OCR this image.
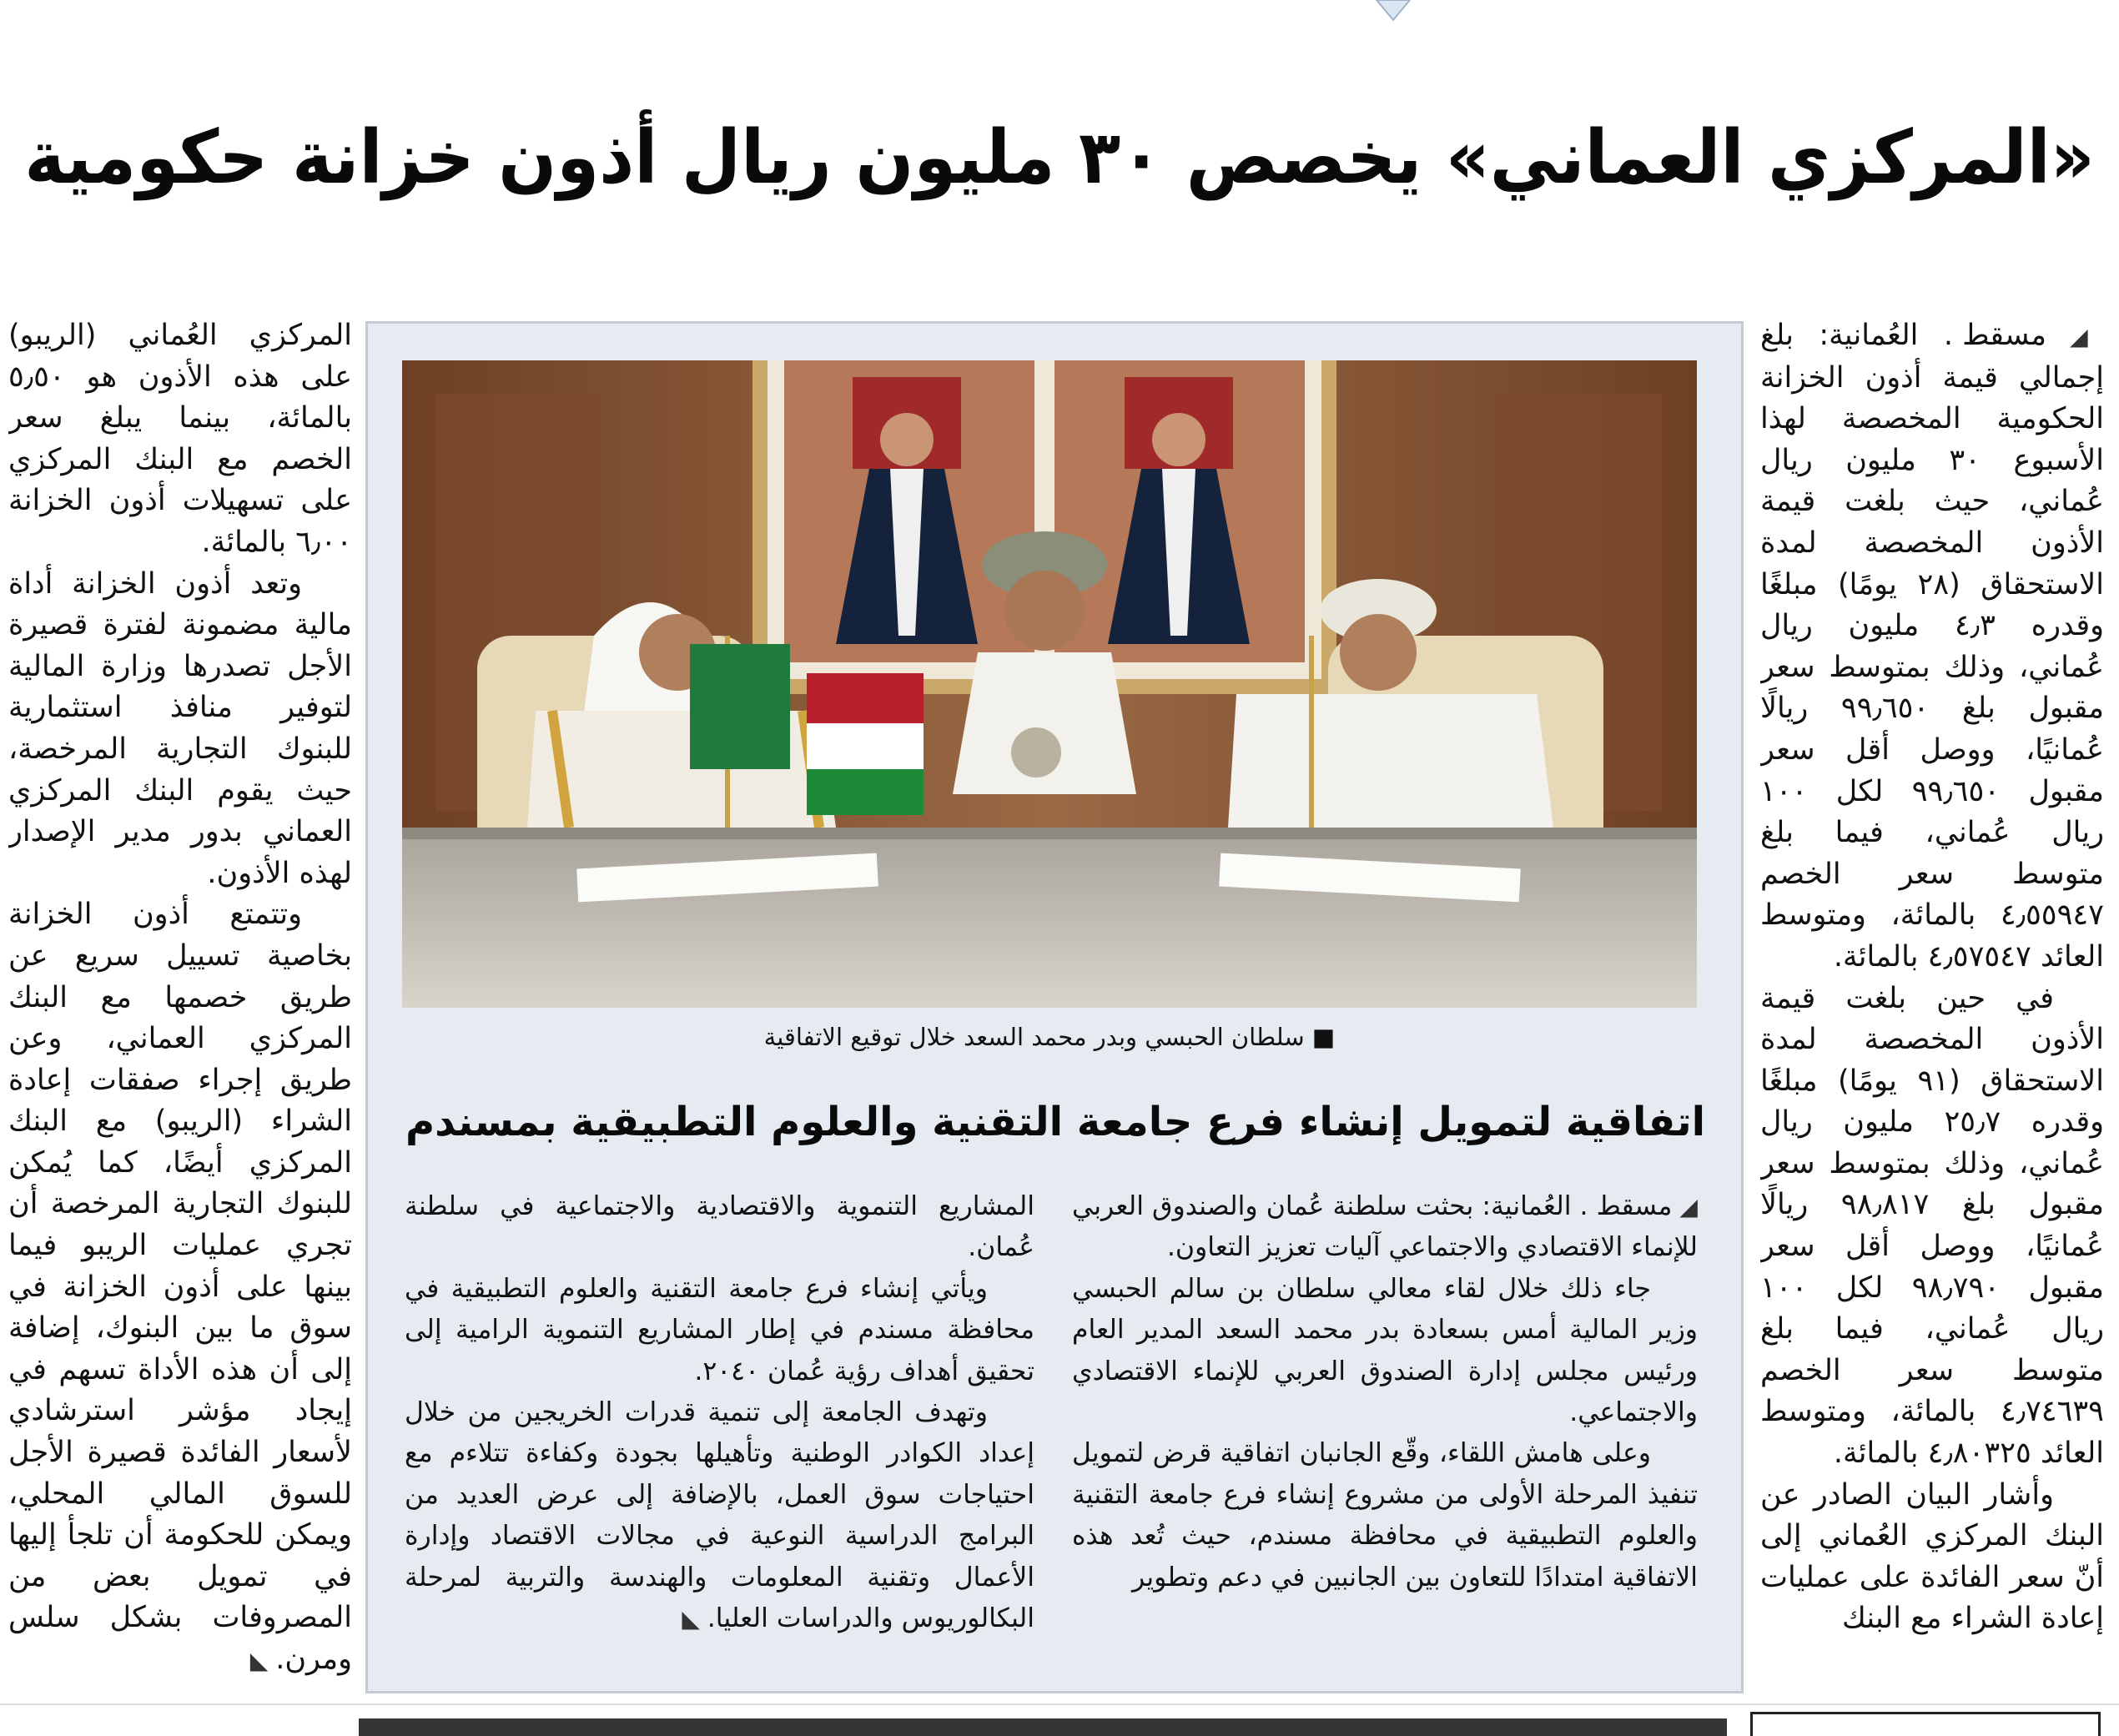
«المركزي العماني» يخصص ٣٠ مليون ريال أذون خزانة حكومية

◢ مسقط . العُمانية: بلغ إجمالي قيمة أذون الخزانة الحكومية المخصصة لهذا الأسبوع ٣٠ مليون ريال عُماني، حيث بلغت قيمة الأذون المخصصة لمدة الاستحقاق (٢٨ يومًا) مبلغًا وقدره ٤٫٣ مليون ريال عُماني، وذلك بمتوسط سعر مقبول بلغ ٩٩٫٦٥٠ ريالًا عُمانيًا، ووصل أقل سعر مقبول ٩٩٫٦٥٠ لكل ١٠٠ ريال عُماني، فيما بلغ متوسط سعر الخصم ٤٫٥٥٩٤٧ بالمائة، ومتوسط العائد ٤٫٥٧٥٤٧ بالمائة.

في حين بلغت قيمة الأذون المخصصة لمدة الاستحقاق (٩١ يومًا) مبلغًا وقدره ٢٥٫٧ مليون ريال عُماني، وذلك بمتوسط سعر مقبول بلغ ٩٨٫٨١٧ ريالًا عُمانيًا، ووصل أقل سعر مقبول ٩٨٫٧٩٠ لكل ١٠٠ ريال عُماني، فيما بلغ متوسط سعر الخصم ٤٫٧٤٦٣٩ بالمائة، ومتوسط العائد ٤٫٨٠٣٢٥ بالمائة.

وأشار البيان الصادر عن البنك المركزي العُماني إلى أنّ سعر الفائدة على عمليات إعادة الشراء مع البنك

المركزي العُماني (الريبو) على هذه الأذون هو ٥٫٥٠ بالمائة، بينما يبلغ سعر الخصم مع البنك المركزي على تسهيلات أذون الخزانة ٦٫٠٠ بالمائة.

وتعد أذون الخزانة أداة مالية مضمونة لفترة قصيرة الأجل تصدرها وزارة المالية لتوفير منافذ استثمارية للبنوك التجارية المرخصة، حيث يقوم البنك المركزي العماني بدور مدير الإصدار لهذه الأذون.

وتتمتع أذون الخزانة بخاصية تسييل سريع عن طريق خصمها مع البنك المركزي العماني، وعن طريق إجراء صفقات إعادة الشراء (الريبو) مع البنك المركزي أيضًا، كما يُمكن للبنوك التجارية المرخصة أن تجري عمليات الريبو فيما بينها على أذون الخزانة في سوق ما بين البنوك، إضافة إلى أن هذه الأداة تسهم في إيجاد مؤشر استرشادي لأسعار الفائدة قصيرة الأجل للسوق المالي المحلي، ويمكن للحكومة أن تلجأ إليها في تمويل بعض من المصروفات بشكل سلس ومرن. ◣

■ سلطان الحبسي وبدر محمد السعد خلال توقيع الاتفاقية
اتفاقية لتمويل إنشاء فرع جامعة التقنية والعلوم التطبيقية بمسندم

◢ مسقط . العُمانية: بحثت سلطنة عُمان والصندوق العربي للإنماء الاقتصادي والاجتماعي آليات تعزيز التعاون.

جاء ذلك خلال لقاء معالي سلطان بن سالم الحبسي وزير المالية أمس بسعادة بدر محمد السعد المدير العام ورئيس مجلس إدارة الصندوق العربي للإنماء الاقتصادي والاجتماعي.

وعلى هامش اللقاء، وقّع الجانبان اتفاقية قرض لتمويل تنفيذ المرحلة الأولى من مشروع إنشاء فرع جامعة التقنية والعلوم التطبيقية في محافظة مسندم، حيث تُعد هذه الاتفاقية امتدادًا للتعاون بين الجانبين في دعم وتطوير

المشاريع التنموية والاقتصادية والاجتماعية في سلطنة عُمان.

ويأتي إنشاء فرع جامعة التقنية والعلوم التطبيقية في محافظة مسندم في إطار المشاريع التنموية الرامية إلى تحقيق أهداف رؤية عُمان ٢٠٤٠.

وتهدف الجامعة إلى تنمية قدرات الخريجين من خلال إعداد الكوادر الوطنية وتأهيلها بجودة وكفاءة تتلاءم مع احتياجات سوق العمل، بالإضافة إلى عرض العديد من البرامج الدراسية النوعية في مجالات الاقتصاد وإدارة الأعمال وتقنية المعلومات والهندسة والتربية لمرحلة البكالوريوس والدراسات العليا. ◣
